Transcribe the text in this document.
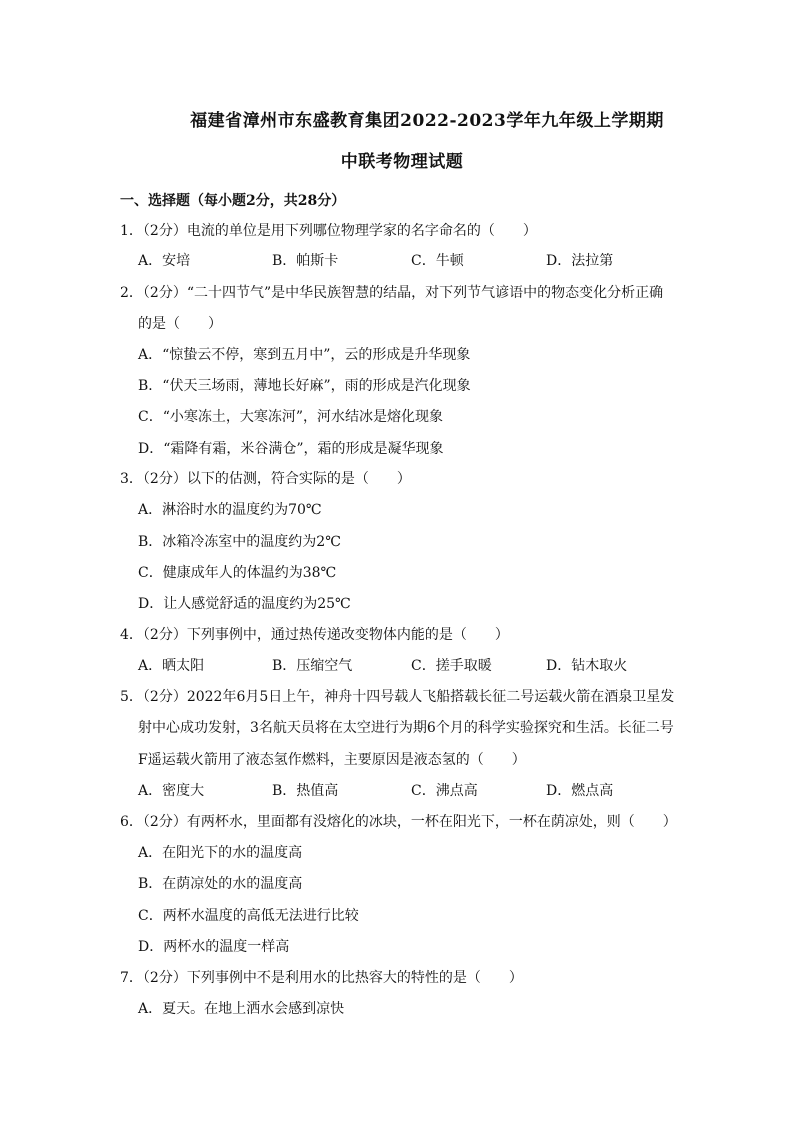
福建省漳州市东盛教育集团2022-2023学年九年级上学期期
中联考物理试题
一、选择题（每小题2分，共28分）
1．（2分）电流的单位是用下列哪位物理学家的名字命名的（　　）
A．安培	B．帕斯卡	C．牛顿	D．法拉第
2．（2分）“二十四节气”是中华民族智慧的结晶，对下列节气谚语中的物态变化分析正确
的是（　　）
A．“惊蛰云不停，寒到五月中”，云的形成是升华现象
B．“伏天三场雨，薄地长好麻”，雨的形成是汽化现象
C．“小寒冻土，大寒冻河”，河水结冰是熔化现象
D．“霜降有霜，米谷满仓”，霜的形成是凝华现象
3．（2分）以下的估测，符合实际的是（　　）
A．淋浴时水的温度约为70℃
B．冰箱冷冻室中的温度约为2℃
C．健康成年人的体温约为38℃
D．让人感觉舒适的温度约为25℃
4．（2分）下列事例中，通过热传递改变物体内能的是（　　）
A．晒太阳	B．压缩空气	C．搓手取暖	D．钻木取火
5．（2分）2022年6月5日上午，神舟十四号载人飞船搭载长征二号运载火箭在酒泉卫星发
射中心成功发射，3名航天员将在太空进行为期6个月的科学实验探究和生活。长征二号
F遥运载火箭用了液态氢作燃料，主要原因是液态氢的（　　）
A．密度大	B．热值高	C．沸点高	D．燃点高
6．（2分）有两杯水，里面都有没熔化的冰块，一杯在阳光下，一杯在荫凉处，则（　　）
A．在阳光下的水的温度高
B．在荫凉处的水的温度高
C．两杯水温度的高低无法进行比较
D．两杯水的温度一样高
7．（2分）下列事例中不是利用水的比热容大的特性的是（　　）
A．夏天。在地上洒水会感到凉快
